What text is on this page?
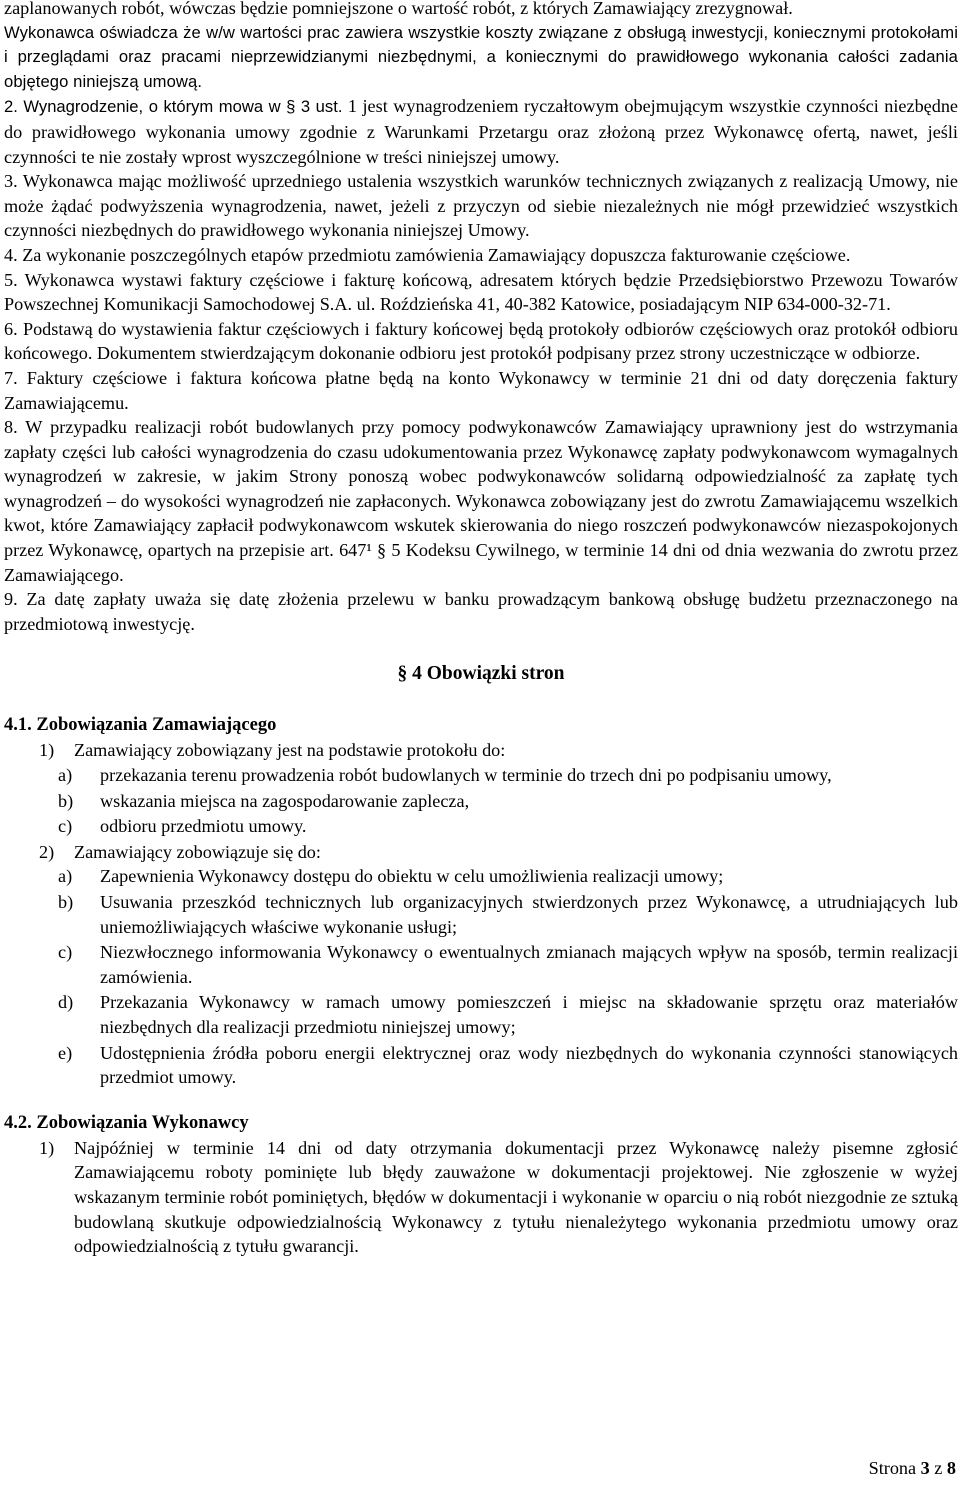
zaplanowanych robót, wówczas będzie pomniejszone o wartość robót, z których Zamawiający zrezygnował.

Wykonawca oświadcza że w/w wartości prac zawiera wszystkie koszty związane z obsługą inwestycji, koniecznymi protokołami i przeglądami oraz pracami nieprzewidzianymi niezbędnymi, a koniecznymi do prawidłowego wykonania całości zadania objętego niniejszą umową.

2. Wynagrodzenie, o którym mowa w § 3 ust. 1 jest wynagrodzeniem ryczałtowym obejmującym wszystkie czynności niezbędne do prawidłowego wykonania umowy zgodnie z Warunkami Przetargu oraz złożoną przez Wykonawcę ofertą, nawet, jeśli czynności te nie zostały wprost wyszczególnione w treści niniejszej umowy.

3. Wykonawca mając możliwość uprzedniego ustalenia wszystkich warunków technicznych związanych z realizacją Umowy, nie może żądać podwyższenia wynagrodzenia, nawet, jeżeli z przyczyn od siebie niezależnych nie mógł przewidzieć wszystkich czynności niezbędnych do prawidłowego wykonania niniejszej Umowy.

4. Za wykonanie poszczególnych etapów przedmiotu zamówienia Zamawiający dopuszcza fakturowanie częściowe.

5. Wykonawca wystawi faktury częściowe i fakturę końcową, adresatem których będzie Przedsiębiorstwo Przewozu Towarów Powszechnej Komunikacji Samochodowej S.A. ul. Roździeńska 41, 40-382 Katowice, posiadającym NIP 634-000-32-71.

6. Podstawą do wystawienia faktur częściowych i faktury końcowej będą protokoły odbiorów częściowych oraz protokół odbioru końcowego. Dokumentem stwierdzającym dokonanie odbioru jest protokół podpisany przez strony uczestniczące w odbiorze.

7. Faktury częściowe i faktura końcowa płatne będą na konto Wykonawcy w terminie 21 dni od daty doręczenia faktury Zamawiającemu.

8. W przypadku realizacji robót budowlanych przy pomocy podwykonawców Zamawiający uprawniony jest do wstrzymania zapłaty części lub całości wynagrodzenia do czasu udokumentowania przez Wykonawcę zapłaty podwykonawcom wymagalnych wynagrodzeń w zakresie, w jakim Strony ponoszą wobec podwykonawców solidarną odpowiedzialność za zapłatę tych wynagrodzeń – do wysokości wynagrodzeń nie zapłaconych. Wykonawca zobowiązany jest do zwrotu Zamawiającemu wszelkich kwot, które Zamawiający zapłacił podwykonawcom wskutek skierowania do niego roszczeń podwykonawców niezaspokojonych przez Wykonawcę, opartych na przepisie art. 647¹ § 5 Kodeksu Cywilnego, w terminie 14 dni od dnia wezwania do zwrotu przez Zamawiającego.

9. Za datę zapłaty uważa się datę złożenia przelewu w banku prowadzącym bankową obsługę budżetu przeznaczonego na przedmiotową inwestycję.

§ 4 Obowiązki stron
4.1. Zobowiązania Zamawiającego
1)	Zamawiający zobowiązany jest na podstawie protokołu do:
a)	przekazania terenu prowadzenia robót budowlanych w terminie do trzech dni po podpisaniu umowy,
b)	wskazania miejsca na zagospodarowanie zaplecza,
c)	odbioru przedmiotu umowy.
2)	Zamawiający zobowiązuje się do:
a)	Zapewnienia Wykonawcy dostępu do obiektu w celu umożliwienia realizacji umowy;
b)	Usuwania przeszkód technicznych lub organizacyjnych stwierdzonych przez Wykonawcę, a utrudniających lub uniemożliwiających właściwe wykonanie usługi;
c)	Niezwłocznego informowania Wykonawcy o ewentualnych zmianach mających wpływ na sposób, termin realizacji zamówienia.
d)	Przekazania Wykonawcy w ramach umowy pomieszczeń i miejsc na składowanie sprzętu oraz materiałów niezbędnych dla realizacji przedmiotu niniejszej umowy;
e)	Udostępnienia źródła poboru energii elektrycznej oraz wody niezbędnych do wykonania czynności stanowiących przedmiot umowy.
4.2. Zobowiązania Wykonawcy
1)	Najpóźniej w terminie 14 dni od daty otrzymania dokumentacji przez Wykonawcę należy pisemne zgłosić Zamawiającemu roboty pominięte lub błędy zauważone w dokumentacji projektowej. Nie zgłoszenie w wyżej wskazanym terminie robót pominiętych, błędów w dokumentacji i wykonanie w oparciu o nią robót niezgodnie ze sztuką budowlaną skutkuje odpowiedzialnością Wykonawcy z tytułu nienależytego wykonania przedmiotu umowy oraz odpowiedzialnością z tytułu gwarancji.
Strona 3 z 8
